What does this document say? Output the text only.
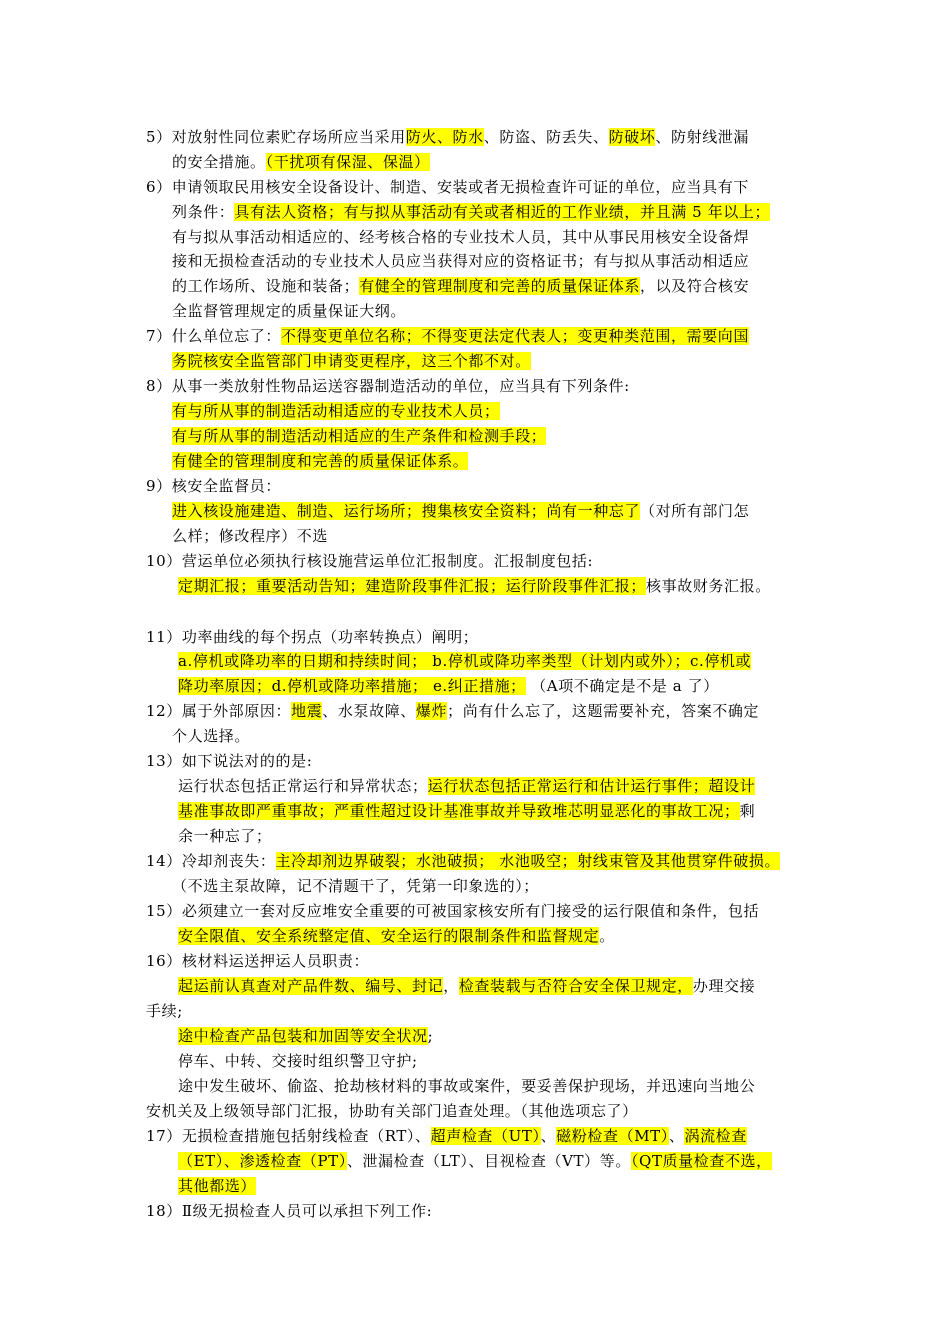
5）对放射性同位素贮存场所应当采用防火、防水、防盗、防丢失、防破坏、防射线泄漏
的安全措施。（干扰项有保湿、保温）
6）申请领取民用核安全设备设计、制造、安装或者无损检查许可证的单位，应当具有下
列条件：具有法人资格；有与拟从事活动有关或者相近的工作业绩，并且满 5 年以上；
有与拟从事活动相适应的、经考核合格的专业技术人员，其中从事民用核安全设备焊
接和无损检查活动的专业技术人员应当获得对应的资格证书；有与拟从事活动相适应
的工作场所、设施和装备；有健全的管理制度和完善的质量保证体系，以及符合核安
全监督管理规定的质量保证大纲。
7）什么单位忘了：不得变更单位名称；不得变更法定代表人；变更种类范围，需要向国
务院核安全监管部门申请变更程序，这三个都不对。
8）从事一类放射性物品运送容器制造活动的单位，应当具有下列条件:
有与所从事的制造活动相适应的专业技术人员；
有与所从事的制造活动相适应的生产条件和检测手段；
有健全的管理制度和完善的质量保证体系。
9）核安全监督员：
进入核设施建造、制造、运行场所；搜集核安全资料；尚有一种忘了（对所有部门怎
么样；修改程序）不选
10）营运单位必须执行核设施营运单位汇报制度。汇报制度包括:
定期汇报；重要活动告知；建造阶段事件汇报；运行阶段事件汇报；核事故财务汇报。
11）功率曲线的每个拐点（功率转换点）阐明；
a.停机或降功率的日期和持续时间； b.停机或降功率类型（计划内或外）；c.停机或
降功率原因；d.停机或降功率措施； e.纠正措施； （A项不确定是不是 a 了）
12）属于外部原因：地震、水泵故障、爆炸；尚有什么忘了，这题需要补充，答案不确定
个人选择。
13）如下说法对的的是:
运行状态包括正常运行和异常状态；运行状态包括正常运行和估计运行事件；超设计
基准事故即严重事故；严重性超过设计基准事故并导致堆芯明显恶化的事故工况；剩
余一种忘了；
14）冷却剂丧失：主冷却剂边界破裂；水池破损； 水池吸空；射线束管及其他贯穿件破损。
（不选主泵故障，记不清题干了，凭第一印象选的）；
15）必须建立一套对反应堆安全重要的可被国家核安所有门接受的运行限值和条件，包括
安全限值、安全系统整定值、安全运行的限制条件和监督规定。
16）核材料运送押运人员职责：
起运前认真查对产品件数、编号、封记，检查装载与否符合安全保卫规定，办理交接
手续;
途中检查产品包装和加固等安全状况;
停车、中转、交接时组织警卫守护;
途中发生破坏、偷盗、抢劫核材料的事故或案件，要妥善保护现场，并迅速向当地公
安机关及上级领导部门汇报，协助有关部门追查处理。（其他选项忘了）
17）无损检查措施包括射线检查（RT）、超声检查（UT）、磁粉检查（MT）、涡流检查
（ET）、渗透检查（PT）、泄漏检查（LT）、目视检查（VT）等。（QT质量检查不选，
其他都选）
18）Ⅱ级无损检查人员可以承担下列工作:
